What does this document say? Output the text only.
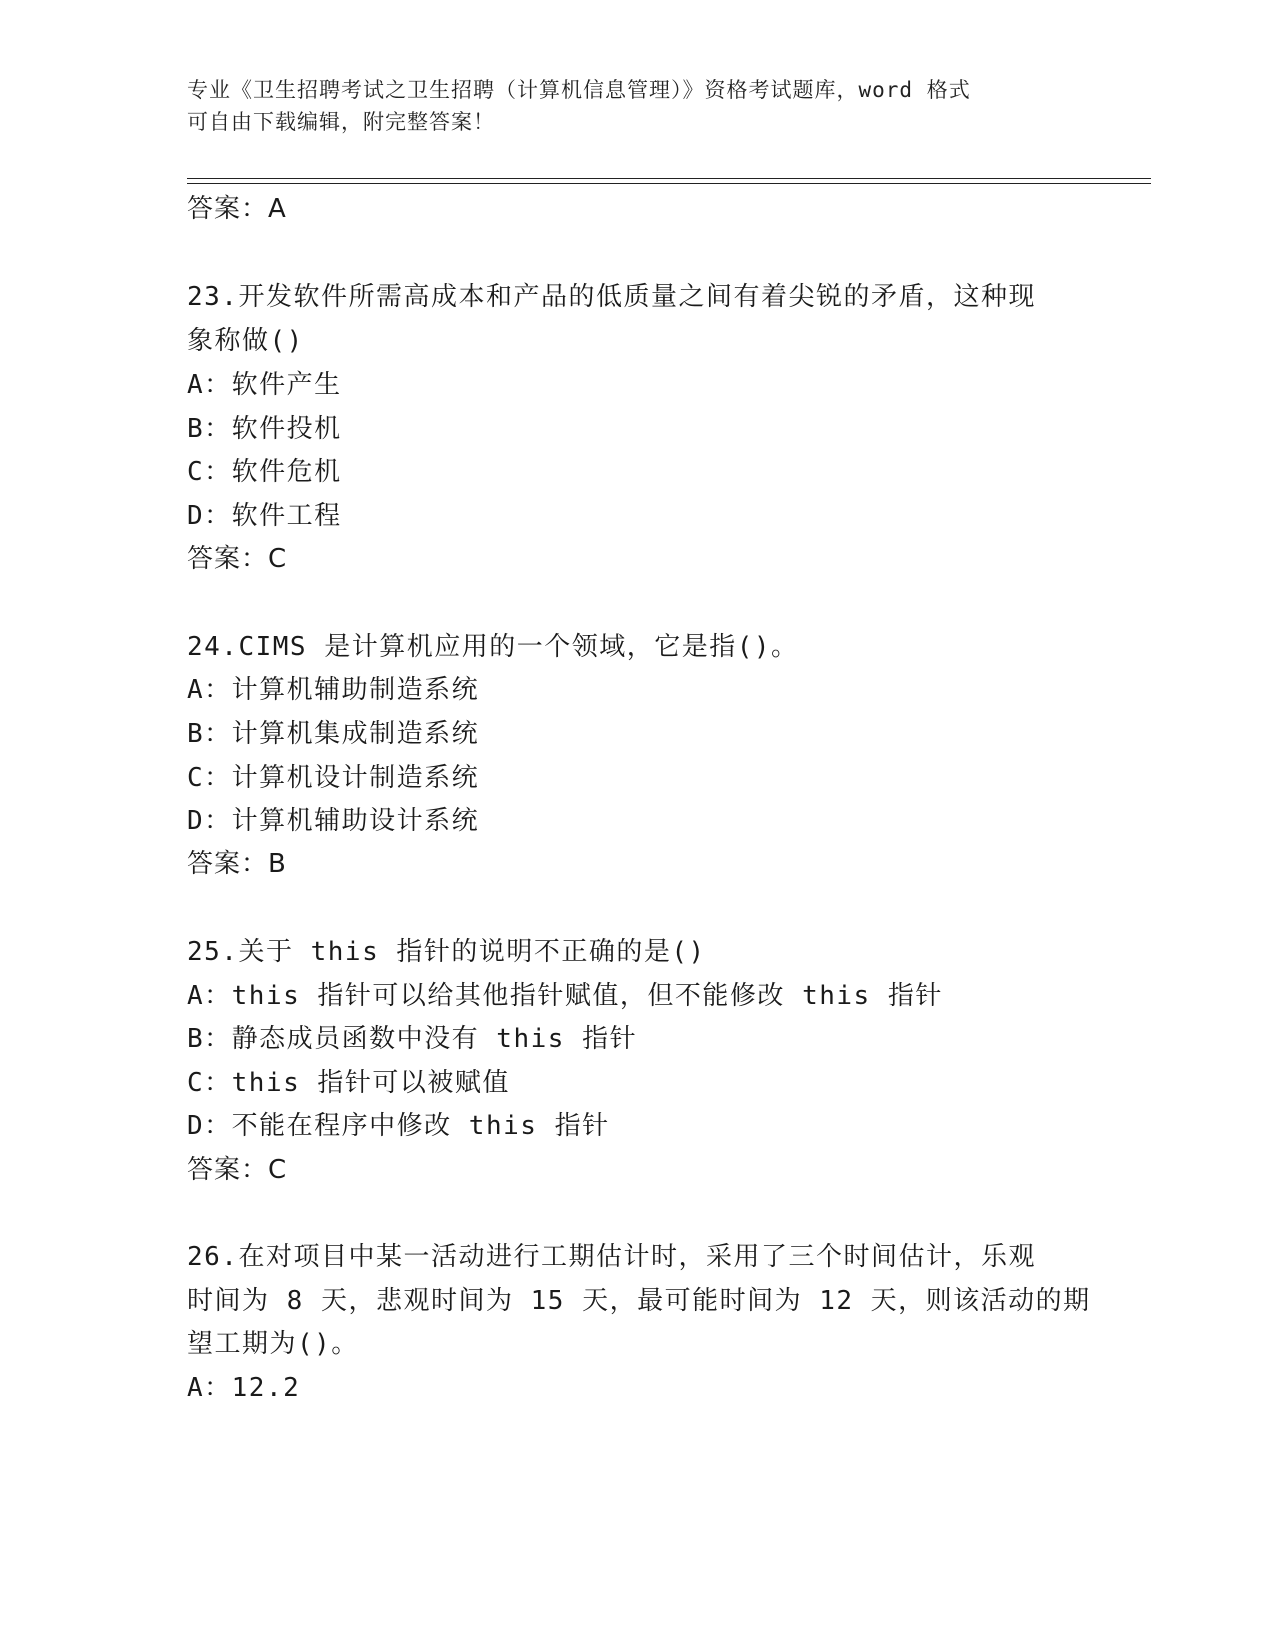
专业《卫生招聘考试之卫生招聘（计算机信息管理）》资格考试题库，word 格式
可自由下载编辑，附完整答案！
答案：A
23.开发软件所需高成本和产品的低质量之间有着尖锐的矛盾，这种现
象称做()
A：软件产生
B：软件投机
C：软件危机
D：软件工程
答案：C
24.CIMS 是计算机应用的一个领域，它是指()。
A：计算机辅助制造系统
B：计算机集成制造系统
C：计算机设计制造系统
D：计算机辅助设计系统
答案：B
25.关于 this 指针的说明不正确的是()
A：this 指针可以给其他指针赋值，但不能修改 this 指针
B：静态成员函数中没有 this 指针
C：this 指针可以被赋值
D：不能在程序中修改 this 指针
答案：C
26.在对项目中某一活动进行工期估计时，采用了三个时间估计，乐观
时间为 8 天，悲观时间为 15 天，最可能时间为 12 天，则该活动的期
望工期为()。
A：12.2
